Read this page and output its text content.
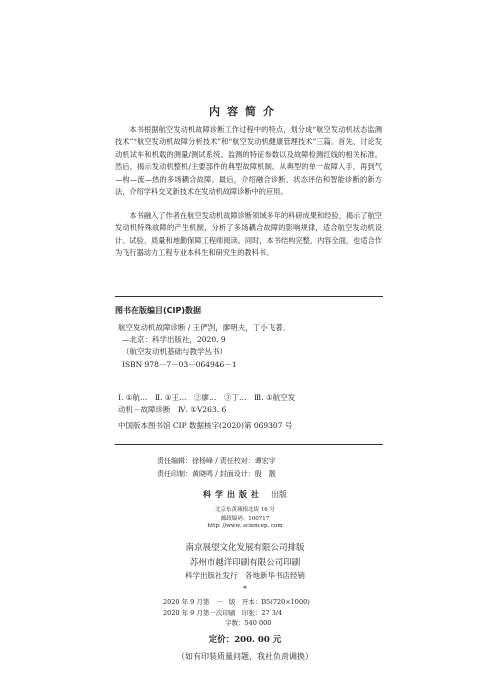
内容简介

本书根据航空发动机故障诊断工作过程中的特点，划分成“航空发动机状态监测技术”“航空发动机故障分析技术”和“航空发动机健康管理技术”三篇。首先，讨论发动机试车和机载的测量/测试系统、监测的特征参数以及故障检测红线的相关标准。然后，揭示发动机整机/主要部件的典型故障机制。从典型的单一故障入手，再到气—构—流—热的多场耦合故障。最后，介绍融合诊断、状态评估和智能诊断的新方法，介绍学科交叉新技术在发动机故障诊断中的应用。

本书融入了作者在航空发动机故障诊断领域多年的科研成果和经验，揭示了航空发动机特殊故障的产生机制，分析了多场耦合故障的影响规律，适合航空发动机设计、试验、质量和地勤保障工程师阅读。同时，本书结构完整，内容全面，也适合作为飞行器动力工程专业本科生和研究生的教科书。

图书在版编目(CIP)数据
航空发动机故障诊断 / 王俨剀，廖明夫，丁小飞著．
—北京：科学出版社，2020. 9
（航空发动机基础与教学丛书）
ISBN 978－7－03－064946－1
Ⅰ. ①航…　Ⅱ. ①王…　②廖…　③丁…　Ⅲ. ①航空发
动机－故障诊断　Ⅳ. ①V263. 6
中国版本图书馆 CIP 数据核字(2020)第 069307 号
责任编辑：徐杨峰 / 责任校对：谭宏宇
责任印制：黄晓鸣 / 封面设计：殷　靓
科学出版社 出版
北京东黄城根北街 16 号
邮政编码：100717
http: //www. sciencep. com
南京展望文化发展有限公司排版
苏州市越洋印刷有限公司印刷
科学出版社发行　各地新华书店经销
*
2020 年 9 月第　一　版　开本：B5(720×1000)
2020 年 9 月第一次印刷　印张：27 3/4
字数：540 000
定价：200. 00 元
（如有印装质量问题，我社负责调换）
